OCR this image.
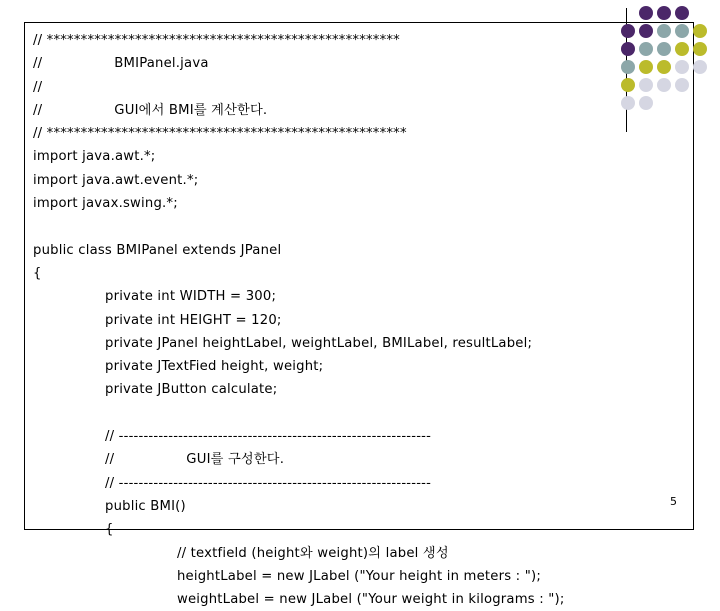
// ****************************************************
//	BMIPanel.java
//
//	GUI에서 BMI를 계산한다.
// *****************************************************
import java.awt.*;
import java.awt.event.*;
import javax.swing.*;
public class BMIPanel extends JPanel
{
private int WIDTH = 300;
private int HEIGHT = 120;
private JPanel heightLabel, weightLabel, BMILabel, resultLabel;
private JTextFied height, weight;
private JButton calculate;
// ---------------------------------------------------------------
//	GUI를 구성한다.
// ---------------------------------------------------------------
public BMI()
{
// textfield (height와 weight)의 label 생성
heightLabel = new JLabel ("Your height in meters : ");
weightLabel = new JLabel ("Your weight in kilograms : ");
5
